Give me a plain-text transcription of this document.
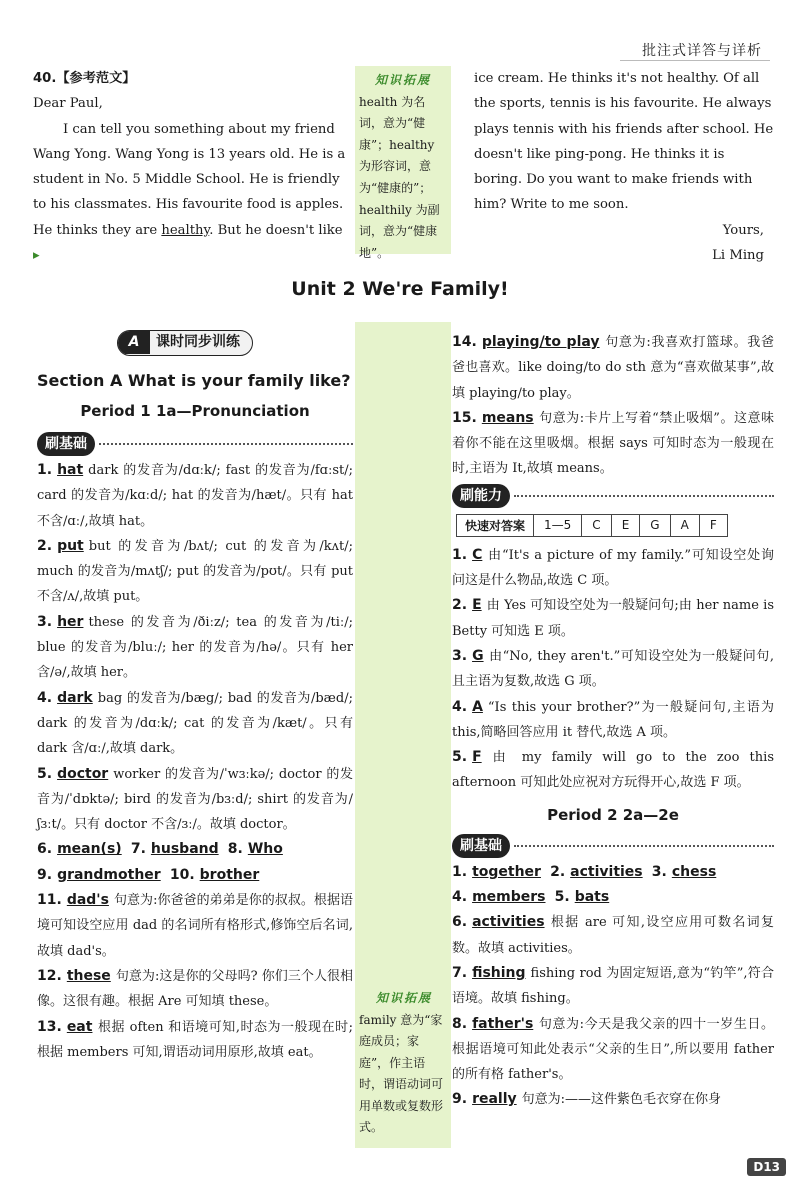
批注式详答与详析

40.【参考范文】

Dear Paul,

I can tell you something about my friend Wang Yong. Wang Yong is 13 years old. He is a student in No. 5 Middle School. He is friendly to his classmates. His favourite food is apples. He thinks they are healthy. But he doesn't like ▸

知识拓展
health 为名词，意为“健康”；healthy 为形容词，意为“健康的”；healthily 为副词，意为“健康地”。

ice cream. He thinks it's not healthy. Of all the sports, tennis is his favourite. He always plays tennis with his friends after school. He doesn't like ping-pong. He thinks it is boring. Do you want to make friends with him? Write to me soon.

Yours,

Li Ming

Unit 2 We're Family!
知识拓展
family 意为“家庭成员；家庭”，作主语时，谓语动词可用单数或复数形式。
A 课时同步训练
Section A What is your family like?
Period 1 1a—Pronunciation
刷基础
1. hat dark 的发音为/dɑːk/; fast 的发音为/fɑːst/; card 的发音为/kɑːd/; hat 的发音为/hæt/。只有 hat 不含/ɑː/,故填 hat。
2. put but 的发音为/bʌt/; cut 的发音为/kʌt/; much 的发音为/mʌtʃ/; put 的发音为/pʊt/。只有 put 不含/ʌ/,故填 put。
3. her these 的发音为/ðiːz/; tea 的发音为/tiː/; blue 的发音为/bluː/; her 的发音为/hə/。只有 her 含/ə/,故填 her。
4. dark bag 的发音为/bæg/; bad 的发音为/bæd/; dark 的发音为/dɑːk/; cat 的发音为/kæt/。只有 dark 含/ɑː/,故填 dark。
5. doctor worker 的发音为/ˈwɜːkə/; doctor 的发音为/ˈdɒktə/; bird 的发音为/bɜːd/; shirt 的发音为/ʃɜːt/。只有 doctor 不含/ɜː/。故填 doctor。
6. mean(s) 7. husband 8. Who
9. grandmother 10. brother
11. dad's 句意为:你爸爸的弟弟是你的叔叔。根据语境可知设空应用 dad 的名词所有格形式,修饰空后名词,故填 dad's。
12. these 句意为:这是你的父母吗? 你们三个人很相像。这很有趣。根据 Are 可知填 these。
13. eat 根据 often 和语境可知,时态为一般现在时;根据 members 可知,谓语动词用原形,故填 eat。
14. playing/to play 句意为:我喜欢打篮球。我爸爸也喜欢。like doing/to do sth 意为“喜欢做某事”,故填 playing/to play。
15. means 句意为:卡片上写着“禁止吸烟”。这意味着你不能在这里吸烟。根据 says 可知时态为一般现在时,主语为 It,故填 means。
刷能力
快速对答案	1—5	C	E	G	A	F
1. C 由“It's a picture of my family.”可知设空处询问这是什么物品,故选 C 项。
2. E 由 Yes 可知设空处为一般疑问句;由 her name is Betty 可知选 E 项。
3. G 由“No, they aren't.”可知设空处为一般疑问句,且主语为复数,故选 G 项。
4. A “Is this your brother?”为一般疑问句,主语为 this,简略回答应用 it 替代,故选 A 项。
5. F 由 my family will go to the zoo this afternoon 可知此处应祝对方玩得开心,故选 F 项。
Period 2 2a—2e
刷基础
1. together 2. activities 3. chess
4. members 5. bats
6. activities 根据 are 可知,设空应用可数名词复数。故填 activities。
7. fishing fishing rod 为固定短语,意为“钓竿”,符合语境。故填 fishing。
8. father's 句意为:今天是我父亲的四十一岁生日。根据语境可知此处表示“父亲的生日”,所以要用 father 的所有格 father's。
9. really 句意为:——这件紫色毛衣穿在你身
D13
